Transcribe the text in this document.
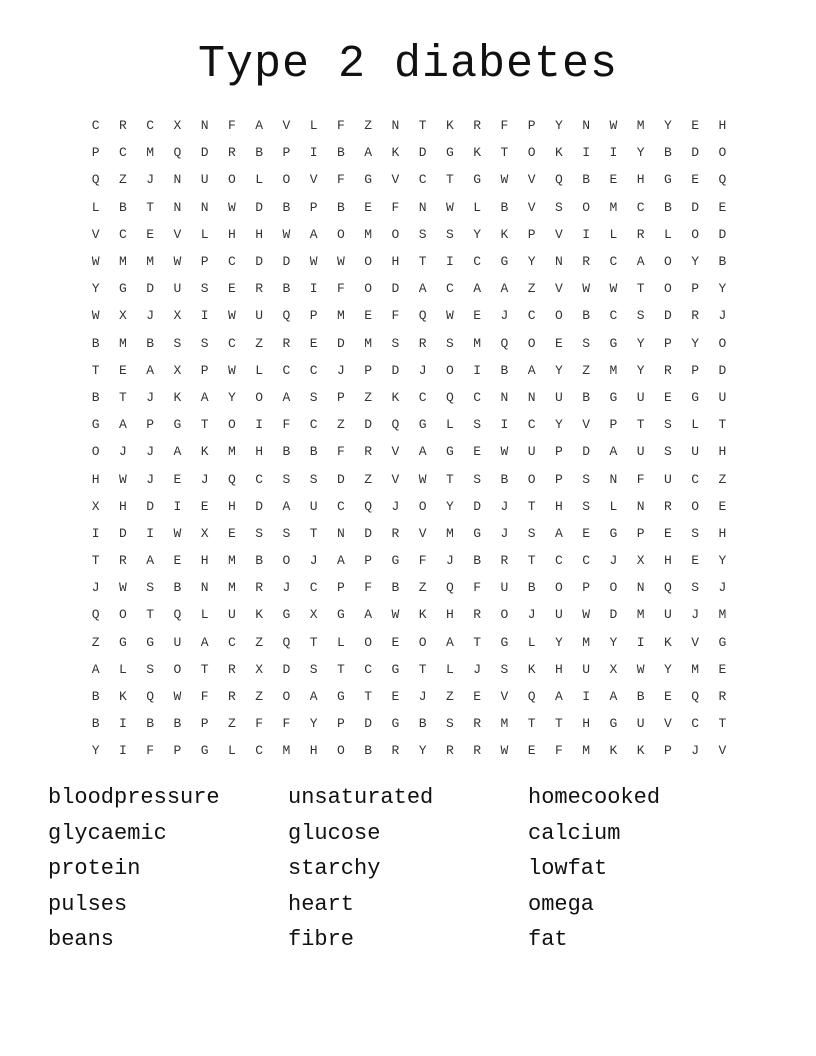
Type 2 diabetes
C	R	C	X	N	F	A	V	L	F	Z	N	T	K	R	F	P	Y	N	W	M	Y	E	H
P	C	M	Q	D	R	B	P	I	B	A	K	D	G	K	T	O	K	I	I	Y	B	D	O
Q	Z	J	N	U	O	L	O	V	F	G	V	C	T	G	W	V	Q	B	E	H	G	E	Q
L	B	T	N	N	W	D	B	P	B	E	F	N	W	L	B	V	S	O	M	C	B	D	E
V	C	E	V	L	H	H	W	A	O	M	O	S	S	Y	K	P	V	I	L	R	L	O	D
W	M	M	W	P	C	D	D	W	W	O	H	T	I	C	G	Y	N	R	C	A	O	Y	B
Y	G	D	U	S	E	R	B	I	F	O	D	A	C	A	A	Z	V	W	W	T	O	P	Y
W	X	J	X	I	W	U	Q	P	M	E	F	Q	W	E	J	C	O	B	C	S	D	R	J
B	M	B	S	S	C	Z	R	E	D	M	S	R	S	M	Q	O	E	S	G	Y	P	Y	O
T	E	A	X	P	W	L	C	C	J	P	D	J	O	I	B	A	Y	Z	M	Y	R	P	D
B	T	J	K	A	Y	O	A	S	P	Z	K	C	Q	C	N	N	U	B	G	U	E	G	U
G	A	P	G	T	O	I	F	C	Z	D	Q	G	L	S	I	C	Y	V	P	T	S	L	T
O	J	J	A	K	M	H	B	B	F	R	V	A	G	E	W	U	P	D	A	U	S	U	H
H	W	J	E	J	Q	C	S	S	D	Z	V	W	T	S	B	O	P	S	N	F	U	C	Z
X	H	D	I	E	H	D	A	U	C	Q	J	O	Y	D	J	T	H	S	L	N	R	O	E
I	D	I	W	X	E	S	S	T	N	D	R	V	M	G	J	S	A	E	G	P	E	S	H
T	R	A	E	H	M	B	O	J	A	P	G	F	J	B	R	T	C	C	J	X	H	E	Y
J	W	S	B	N	M	R	J	C	P	F	B	Z	Q	F	U	B	O	P	O	N	Q	S	J
Q	O	T	Q	L	U	K	G	X	G	A	W	K	H	R	O	J	U	W	D	M	U	J	M
Z	G	G	U	A	C	Z	Q	T	L	O	E	O	A	T	G	L	Y	M	Y	I	K	V	G
A	L	S	O	T	R	X	D	S	T	C	G	T	L	J	S	K	H	U	X	W	Y	M	E
B	K	Q	W	F	R	Z	O	A	G	T	E	J	Z	E	V	Q	A	I	A	B	E	Q	R
B	I	B	B	P	Z	F	F	Y	P	D	G	B	S	R	M	T	T	H	G	U	V	C	T
Y	I	F	P	G	L	C	M	H	O	B	R	Y	R	R	W	E	F	M	K	K	P	J	V
bloodpressure
glycaemic
protein
pulses
beans
unsaturated
glucose
starchy
heart
fibre
homecooked
calcium
lowfat
omega
fat
